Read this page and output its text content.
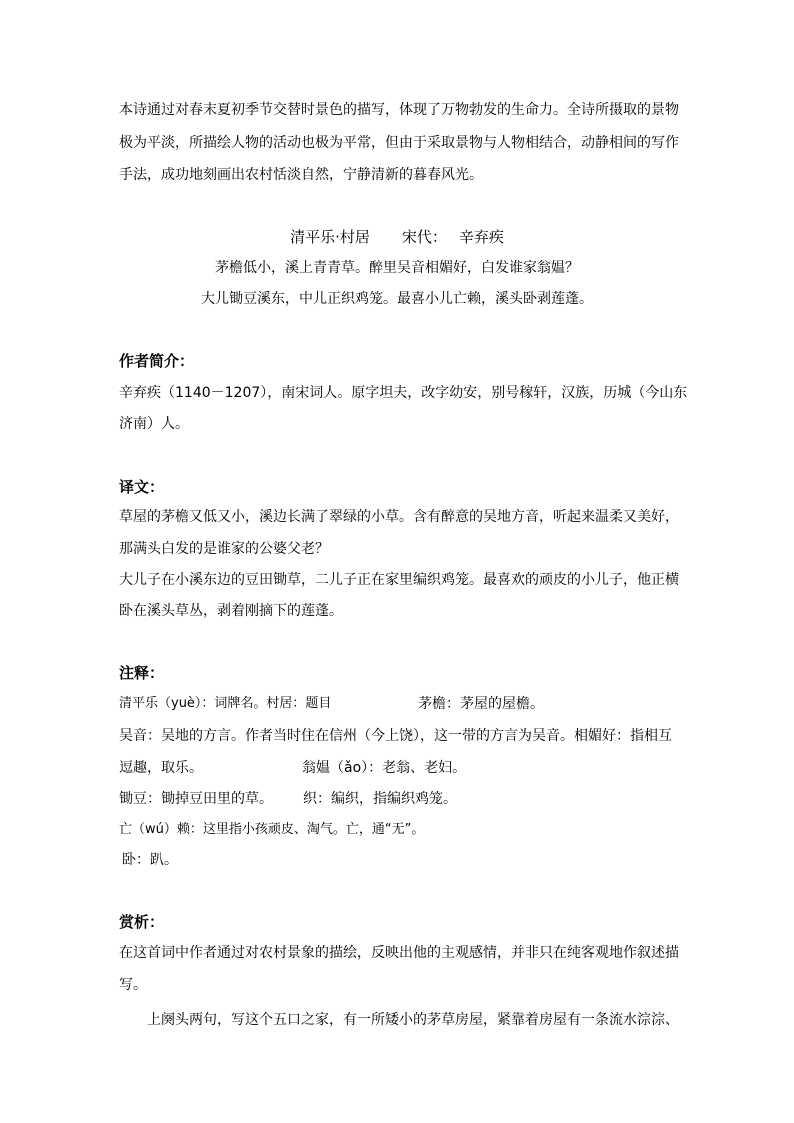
本诗通过对春末夏初季节交替时景色的描写，体现了万物勃发的生命力。全诗所摄取的景物
极为平淡，所描绘人物的活动也极为平常，但由于采取景物与人物相结合，动静相间的写作
手法，成功地刻画出农村恬淡自然，宁静清新的暮春风光。
清平乐·村居 宋代： 辛弃疾
茅檐低小，溪上青青草。醉里吴音相媚好，白发谁家翁媪？
大儿锄豆溪东，中儿正织鸡笼。最喜小儿亡赖，溪头卧剥莲蓬。
作者简介：
辛弃疾（1140－1207），南宋词人。原字坦夫，改字幼安，别号稼轩，汉族，历城（今山东
济南）人。
译文：
草屋的茅檐又低又小，溪边长满了翠绿的小草。含有醉意的吴地方音，听起来温柔又美好，
那满头白发的是谁家的公婆父老？
大儿子在小溪东边的豆田锄草，二儿子正在家里编织鸡笼。最喜欢的顽皮的小儿子，他正横
卧在溪头草丛，剥着刚摘下的莲蓬。
注释：
清平乐（yuè）：词牌名。村居：题目	茅檐：茅屋的屋檐。
吴音：吴地的方言。作者当时住在信州（今上饶），这一带的方言为吴音。相媚好：指相互
逗趣，取乐。	翁媪（ǎo）：老翁、老妇。
锄豆：锄掉豆田里的草。 织：编织，指编织鸡笼。
亡（wú）赖：这里指小孩顽皮、淘气。亡，通“无”。
卧：趴。
赏析：
在这首词中作者通过对农村景象的描绘，反映出他的主观感情，并非只在纯客观地作叙述描
写。
上阕头两句，写这个五口之家，有一所矮小的茅草房屋，紧靠着房屋有一条流水淙淙、
